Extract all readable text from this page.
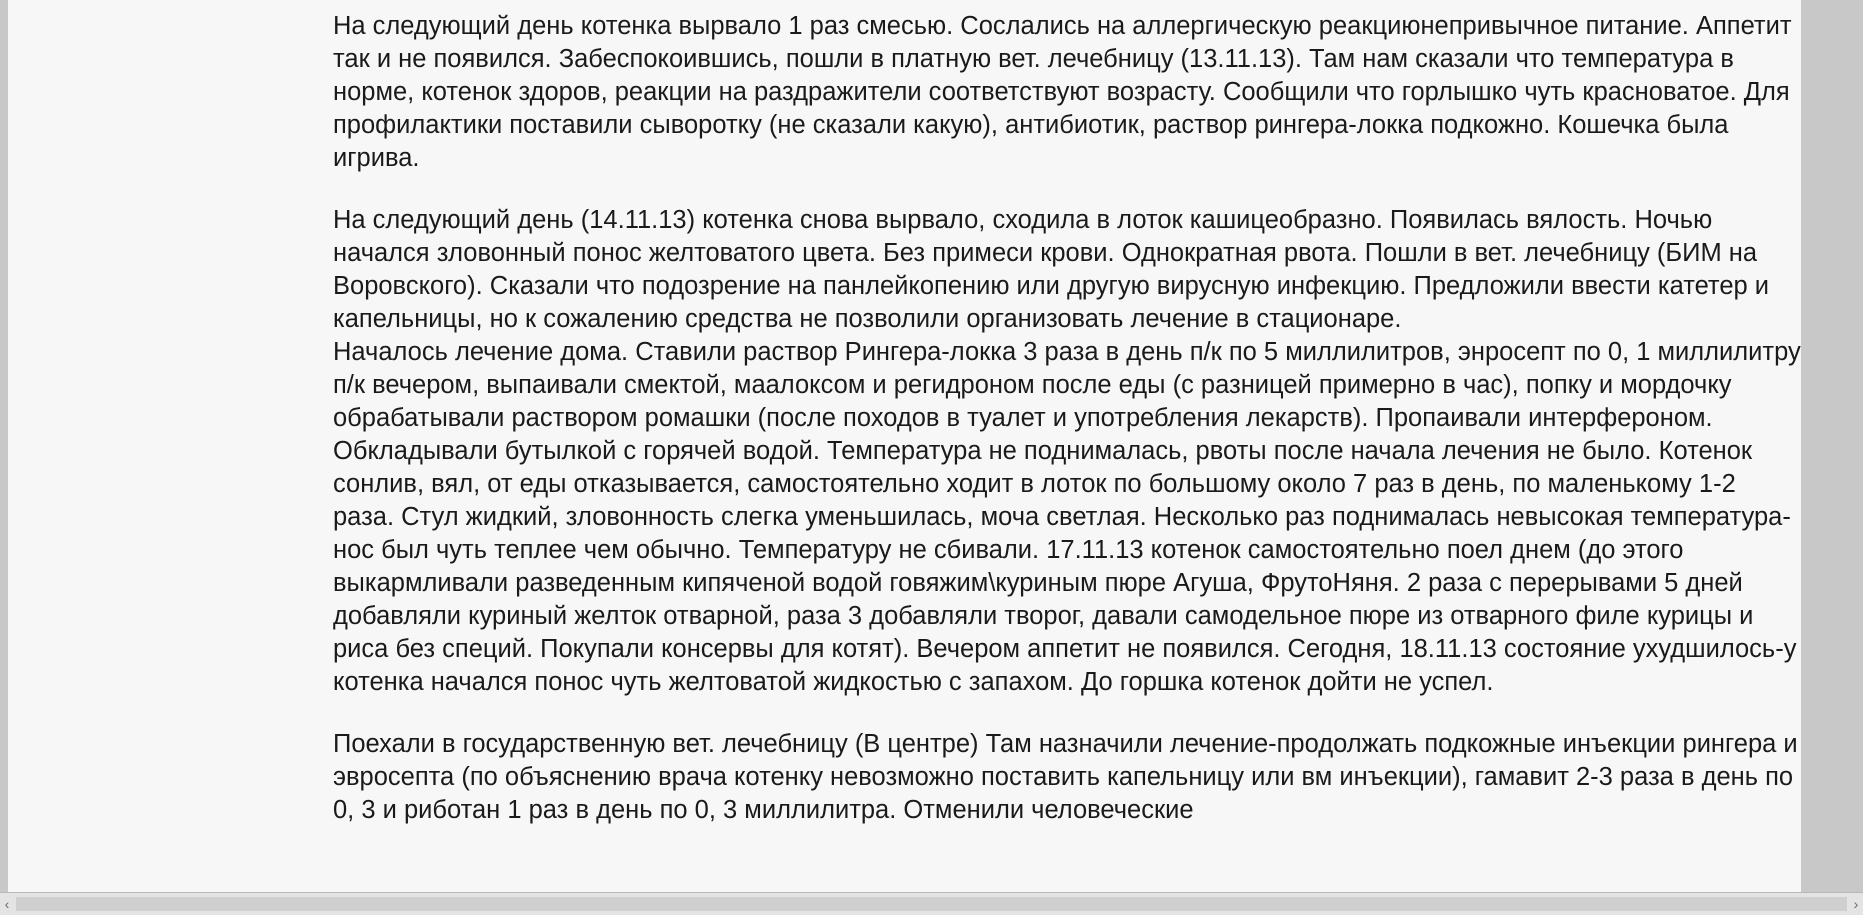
На следующий день котенка вырвало 1 раз смесью. Сослались на аллергическую реакциюнепривычное питание. Аппетит так и не появился. Забеспокоившись, пошли в платную вет. лечебницу (13.11.13). Там нам сказали что температура в норме, котенок здоров, реакции на раздражители соответствуют возрасту. Сообщили что горлышко чуть красноватое. Для профилактики поставили сыворотку (не сказали какую), антибиотик, раствор рингера-локка подкожно. Кошечка была игрива.

На следующий день (14.11.13) котенка снова вырвало, сходила в лоток кашицеобразно. Появилась вялость. Ночью начался зловонный понос желтоватого цвета. Без примеси крови. Однократная рвота. Пошли в вет. лечебницу (БИМ на Воровского). Сказали что подозрение на панлейкопению или другую вирусную инфекцию. Предложили ввести катетер и капельницы, но к сожалению средства не позволили организовать лечение в стационаре.

Началось лечение дома. Ставили раствор Рингера-локка 3 раза в день п/к по 5 миллилитров, энросепт по 0, 1 миллилитру п/к вечером, выпаивали смектой, маалоксом и регидроном после еды (с разницей примерно в час), попку и мордочку обрабатывали раствором ромашки (после походов в туалет и употребления лекарств). Пропаивали интерфероном. Обкладывали бутылкой с горячей водой. Температура не поднималась, рвоты после начала лечения не было. Котенок сонлив, вял, от еды отказывается, самостоятельно ходит в лоток по большому около 7 раз в день, по маленькому 1-2 раза. Стул жидкий, зловонность слегка уменьшилась, моча светлая. Несколько раз поднималась невысокая температура-нос был чуть теплее чем обычно. Температуру не сбивали. 17.11.13 котенок самостоятельно поел днем (до этого выкармливали разведенным кипяченой водой говяжим\куриным пюре Агуша, ФрутоНяня. 2 раза с перерывами 5 дней добавляли куриный желток отварной, раза 3 добавляли творог, давали самодельное пюре из отварного филе курицы и риса без специй. Покупали консервы для котят). Вечером аппетит не появился. Сегодня, 18.11.13 состояние ухудшилось-у котенка начался понос чуть желтоватой жидкостью с запахом. До горшка котенок дойти не успел.

Поехали в государственную вет. лечебницу (В центре) Там назначили лечение-продолжать подкожные инъекции рингера и эвросепта (по объяснению врача котенку невозможно поставить капельницу или вм инъекции), гамавит 2-3 раза в день по 0, 3 и риботан 1 раз в день по 0, 3 миллилитра. Отменили человеческие

‹	›
